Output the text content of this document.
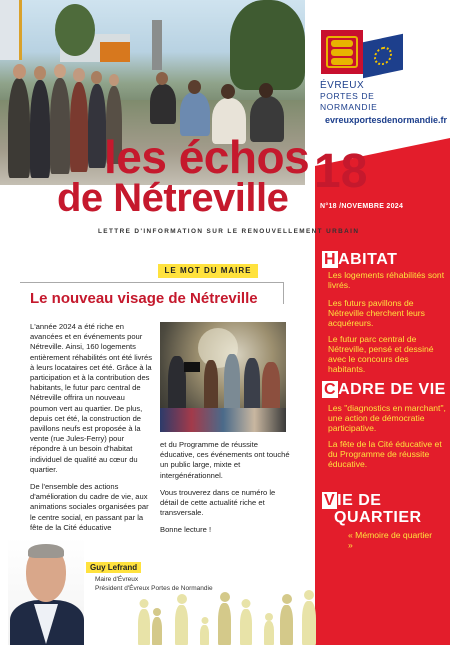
ÉVREUX
PORTES DE NORMANDIE
evreuxportesdenormandie.fr
18
N°18 /NOVEMBRE 2024
H ABITAT
Les logements réhabilités sont livrés.
Les futurs pavillons de Nétreville cherchent leurs acquéreurs.
Le futur parc central de Nétreville, pensé et dessiné avec le concours des habitants.
C ADRE DE VIE
Les "diagnostics en marchant", une action de démocratie participative.
La fête de la Cité éducative et du Programme de réussite éducative.
V IE DE
QUARTIER
« Mémoire de quartier »
les échos
de Nétreville
LETTRE D'INFORMATION SUR LE RENOUVELLEMENT URBAIN
LE MOT DU MAIRE
Le nouveau visage de Nétreville

L'année 2024 a été riche en avancées et en événements pour Nétreville. Ainsi, 160 logements entièrement réhabilités ont été livrés à leurs locataires cet été. Grâce à la participation et à la contribution des habitants, le futur parc central de Nétreville offrira un nouveau poumon vert au quartier. De plus, depuis cet été, la construction de pavillons neufs est proposée à la vente (rue Jules-Ferry) pour répondre à un besoin d'habitat individuel de qualité au cœur du quartier.

De l'ensemble des actions d'amélioration du cadre de vie, aux animations sociales organisées par le centre social, en passant par la fête de la Cité éducative

et du Programme de réussite éducative, ces événements ont touché un public large, mixte et intergénérationnel.

Vous trouverez dans ce numéro le détail de cette actualité riche et transversale.

Bonne lecture !

Guy Lefrand
Maire d'Évreux
Président d'Évreux Portes de Normandie
